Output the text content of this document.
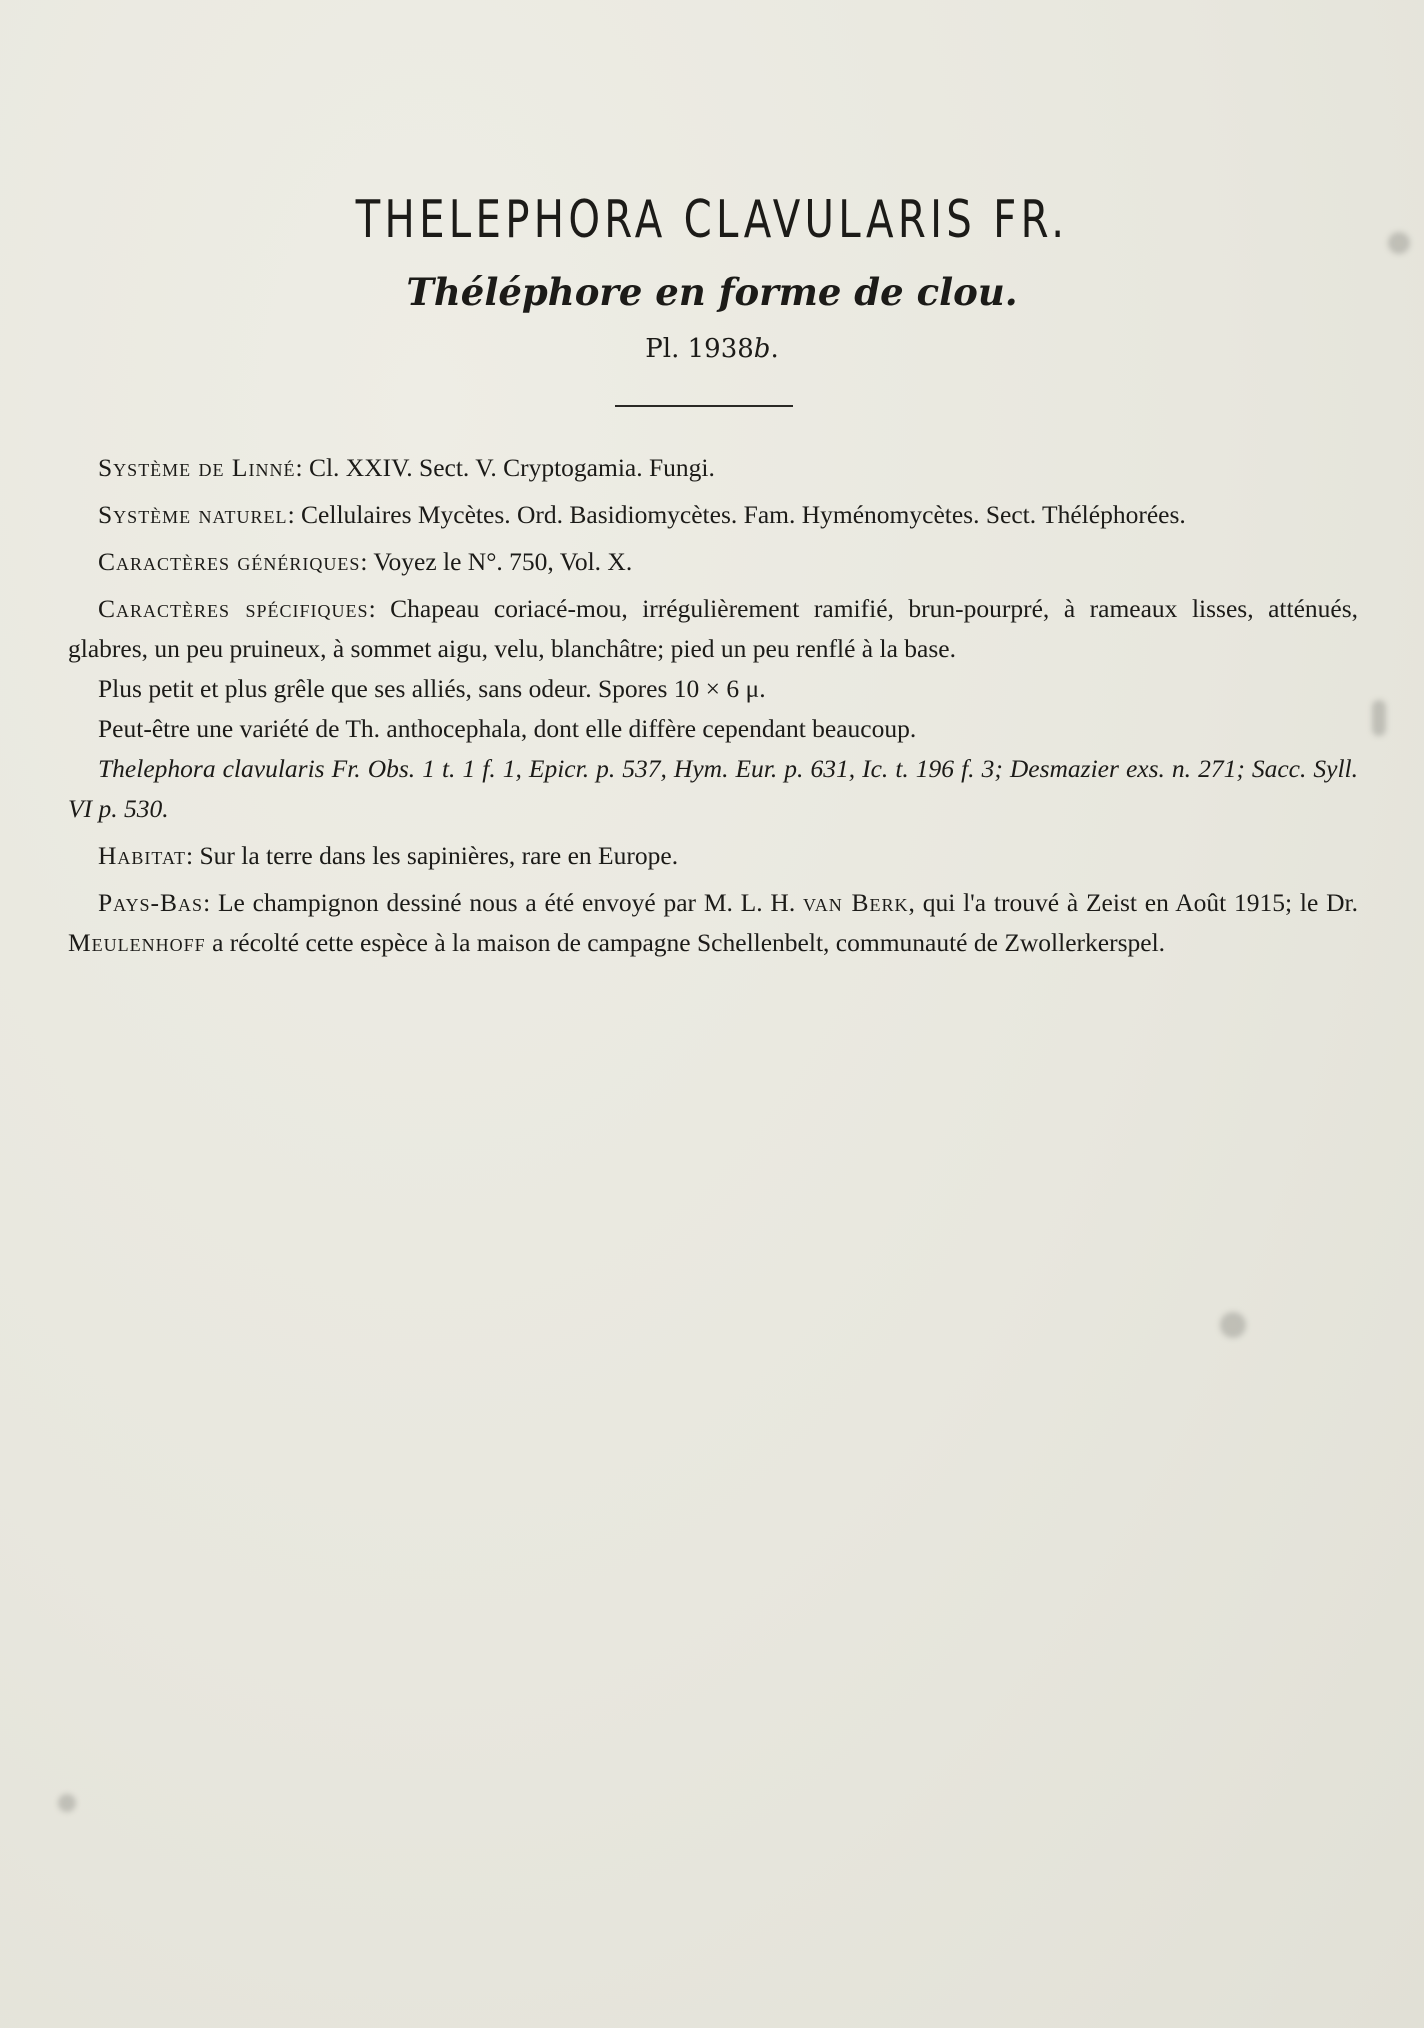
THELEPHORA CLAVULARIS FR.
Théléphore en forme de clou.
Pl. 1938b.

Système de Linné: Cl. XXIV. Sect. V. Cryptogamia. Fungi.

Système naturel: Cellulaires Mycètes. Ord. Basidiomycètes. Fam. Hyménomycètes. Sect. Théléphorées.

Caractères génériques: Voyez le N°. 750, Vol. X.

Caractères spécifiques: Chapeau coriacé-mou, irrégulièrement ramifié, brun-pourpré, à rameaux lisses, atténués, glabres, un peu pruineux, à sommet aigu, velu, blanchâtre; pied un peu renflé à la base.

Plus petit et plus grêle que ses alliés, sans odeur. Spores 10 × 6 μ.

Peut-être une variété de Th. anthocephala, dont elle diffère cependant beaucoup.

Thelephora clavularis Fr. Obs. 1 t. 1 f. 1, Epicr. p. 537, Hym. Eur. p. 631, Ic. t. 196 f. 3; Desmazier exs. n. 271; Sacc. Syll. VI p. 530.

Habitat: Sur la terre dans les sapinières, rare en Europe.

Pays-Bas: Le champignon dessiné nous a été envoyé par M. L. H. van Berk, qui l'a trouvé à Zeist en Août 1915; le Dr. Meulenhoff a récolté cette espèce à la maison de campagne Schellenbelt, communauté de Zwollerkerspel.
